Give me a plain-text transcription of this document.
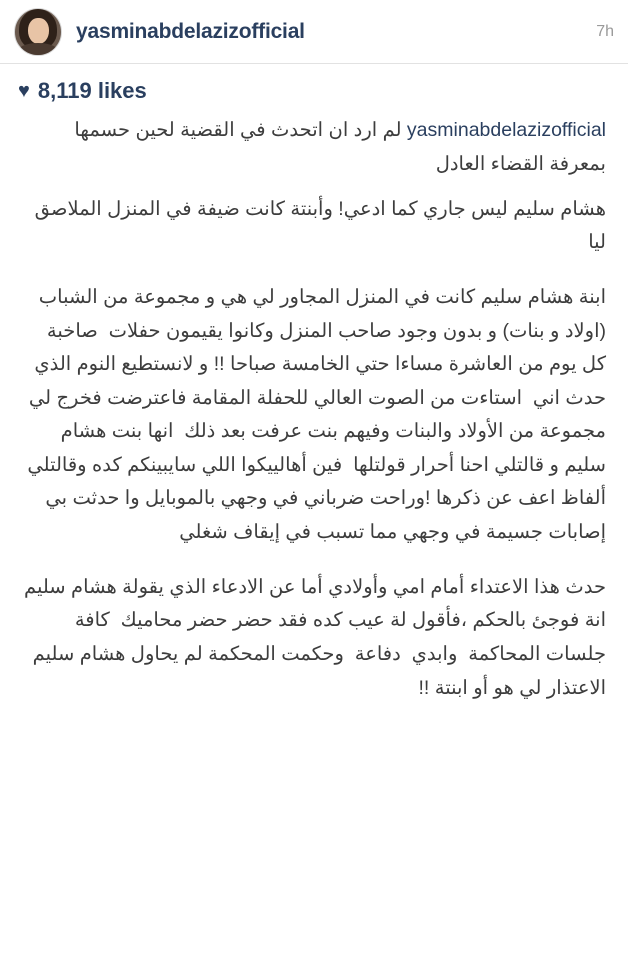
yasminabdelazizofficial	7h
♥ 8,119 likes
yasminabdelazizofficial لم ارد ان اتحدث في القضية لحين حسمها بمعرفة القضاء العادل

هشام سليم ليس جاري كما ادعي! وأبنتة كانت ضيفة في المنزل الملاصق ليا

ابنة هشام سليم كانت في المنزل المجاور لي هي و مجموعة من الشباب (اولاد و بنات) و بدون وجود صاحب المنزل وكانوا يقيمون حفلات  صاخبة كل يوم من العاشرة مساءا حتي الخامسة صباحا !! و لانستطيع النوم الذي حدث اني  استاءت من الصوت العالي للحفلة المقامة فاعترضت فخرج لي مجموعة من الأولاد والبنات وفيهم بنت عرفت بعد ذلك  انها بنت هشام سليم و قالتلي احنا أحرار قولتلها  فين أهالييكوا اللي سايبينكم كده وقالتلي ألفاظ اعف عن ذكرها !وراحت ضرباني في وجهي بالموبايل وا حدثت بي إصابات جسيمة في وجهي مما تسبب في إيقاف شغلي

حدث هذا الاعتداء أمام امي وأولادي أما عن الادعاء الذي يقولة هشام سليم انة فوجئ بالحكم ،فأقول لة عيب كده فقد حضر حضر محاميك  كافة جلسات المحاكمة  وابدي  دفاعة  وحكمت المحكمة لم يحاول هشام سليم الاعتذار لي هو أو ابنتة !!
